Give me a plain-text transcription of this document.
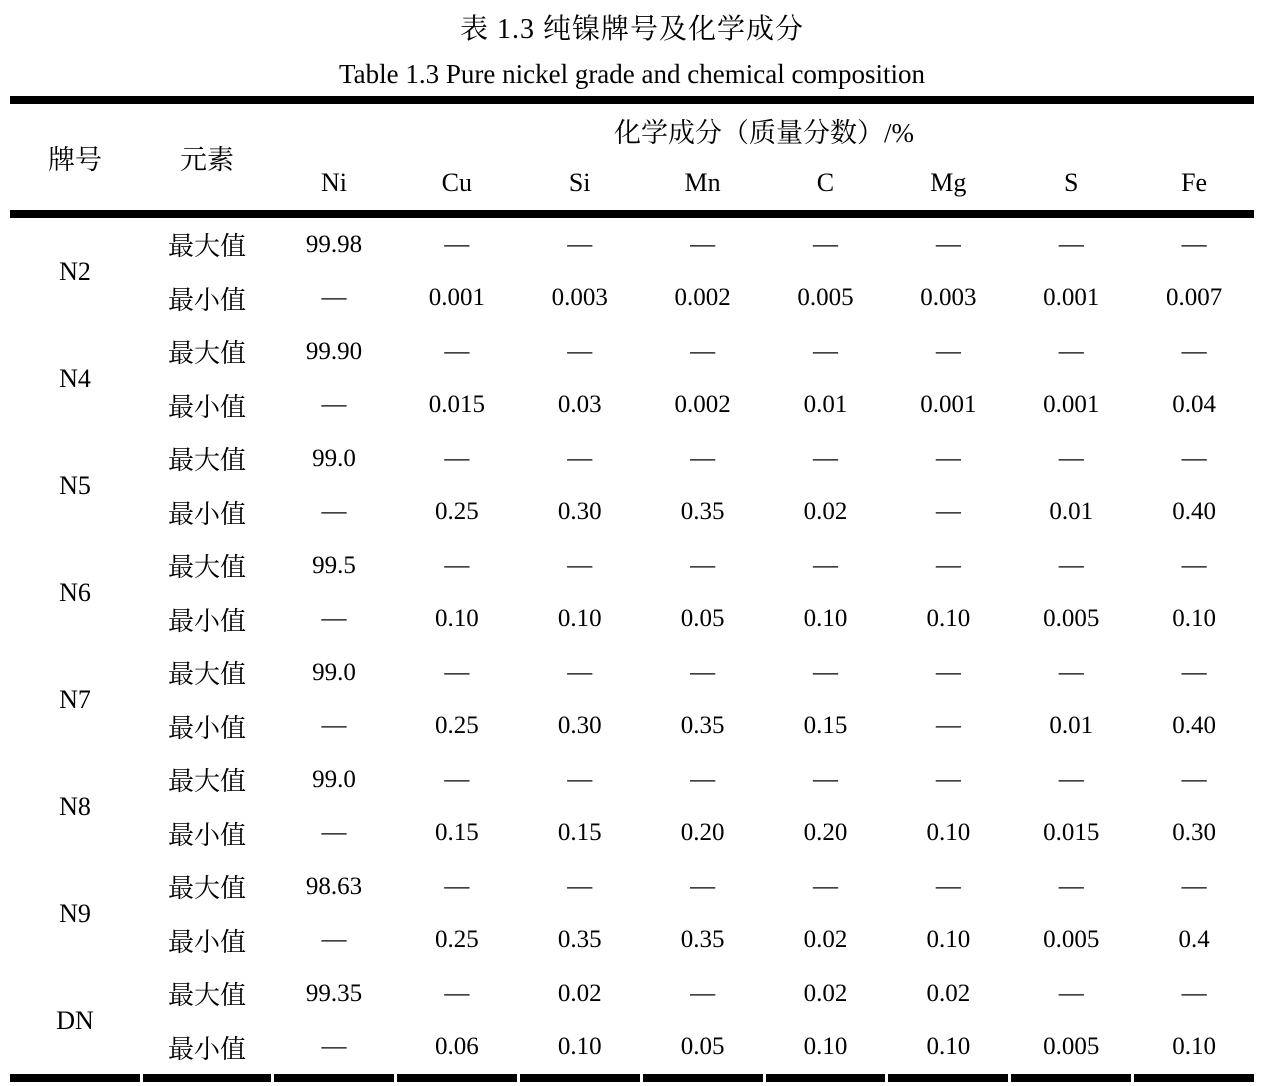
表 1.3 纯镍牌号及化学成分
Table 1.3 Pure nickel grade and chemical composition
牌号	元素
化学成分（质量分数）/%
Ni	Cu	Si	Mn	C	Mg	S	Fe
N2
最大值	99.98	—	—	—	—	—	—	—
最小值	—	0.001	0.003	0.002	0.005	0.003	0.001	0.007
N4
最大值	99.90	—	—	—	—	—	—	—
最小值	—	0.015	0.03	0.002	0.01	0.001	0.001	0.04
N5
最大值	99.0	—	—	—	—	—	—	—
最小值	—	0.25	0.30	0.35	0.02	—	0.01	0.40
N6
最大值	99.5	—	—	—	—	—	—	—
最小值	—	0.10	0.10	0.05	0.10	0.10	0.005	0.10
N7
最大值	99.0	—	—	—	—	—	—	—
最小值	—	0.25	0.30	0.35	0.15	—	0.01	0.40
N8
最大值	99.0	—	—	—	—	—	—	—
最小值	—	0.15	0.15	0.20	0.20	0.10	0.015	0.30
N9
最大值	98.63	—	—	—	—	—	—	—
最小值	—	0.25	0.35	0.35	0.02	0.10	0.005	0.4
DN
最大值	99.35	—	0.02	—	0.02	0.02	—	—
最小值	—	0.06	0.10	0.05	0.10	0.10	0.005	0.10
